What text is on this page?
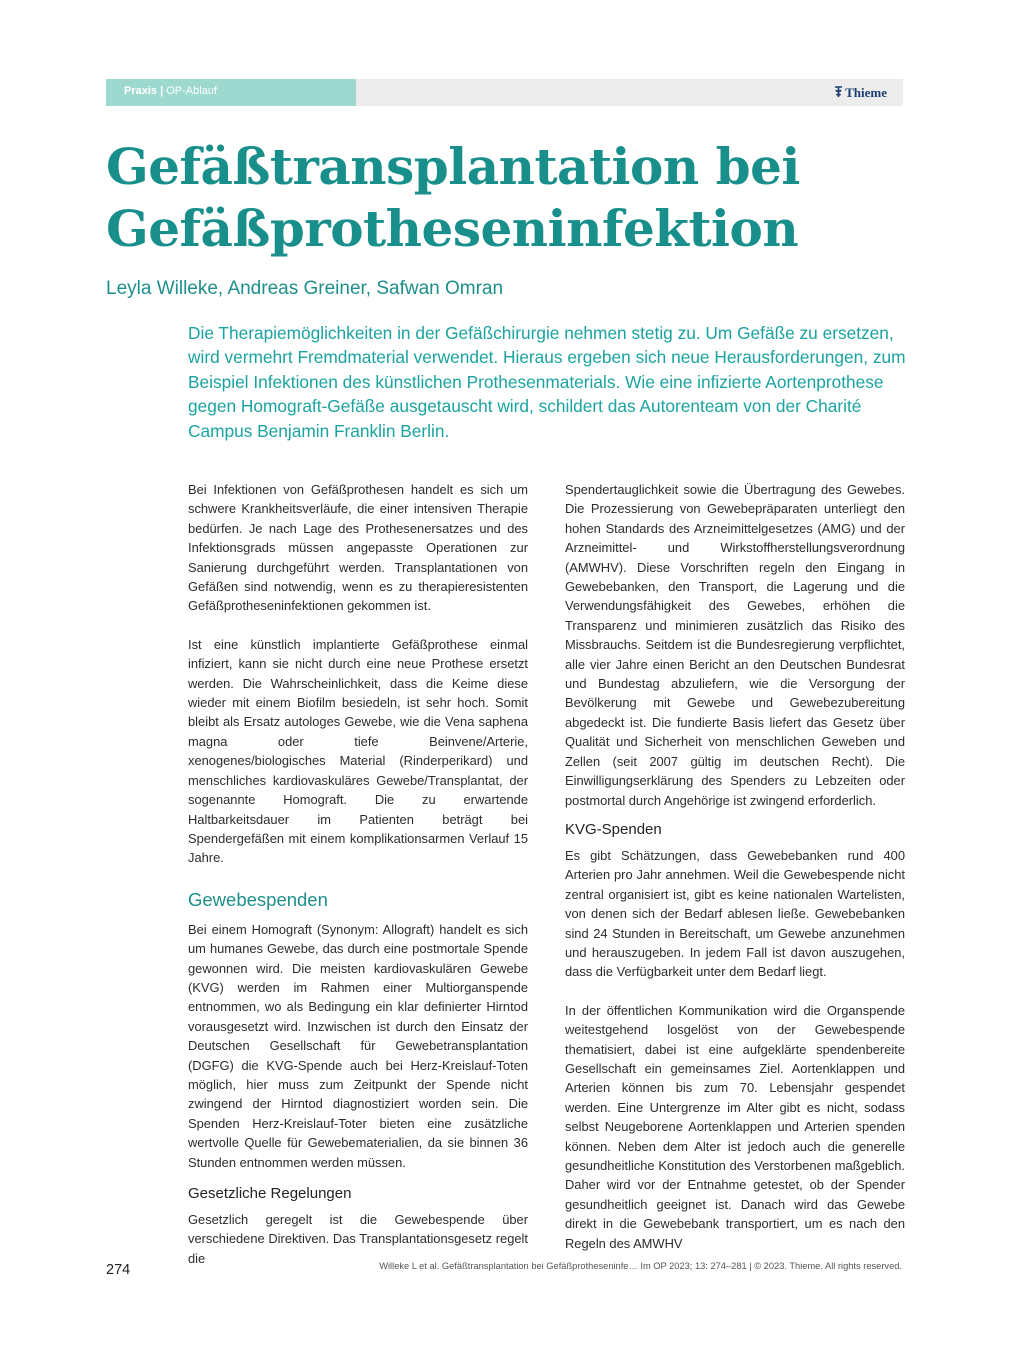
Praxis | OP-Ablauf	Thieme
Gefäßtransplantation bei
Gefäßprotheseninfektion
Leyla Willeke, Andreas Greiner, Safwan Omran

Die Therapiemöglichkeiten in der Gefäßchirurgie nehmen stetig zu. Um Gefäße zu ersetzen, wird vermehrt Fremdmaterial verwendet. Hieraus ergeben sich neue Herausforderungen, zum Beispiel Infektionen des künstlichen Prothesenmaterials. Wie eine infizierte Aortenprothese gegen Homograft-Gefäße ausgetauscht wird, schildert das Autorenteam von der Charité Campus Benjamin Franklin Berlin.

Bei Infektionen von Gefäßprothesen handelt es sich um schwere Krankheitsverläufe, die einer intensiven Therapie bedürfen. Je nach Lage des Prothesenersatzes und des Infektionsgrads müssen angepasste Operationen zur Sanierung durchgeführt werden. Transplantationen von Gefäßen sind notwendig, wenn es zu therapieresistenten Gefäßprotheseninfektionen gekommen ist.

Ist eine künstlich implantierte Gefäßprothese einmal infiziert, kann sie nicht durch eine neue Prothese ersetzt werden. Die Wahrscheinlichkeit, dass die Keime diese wieder mit einem Biofilm besiedeln, ist sehr hoch. Somit bleibt als Ersatz autologes Gewebe, wie die Vena saphena magna oder tiefe Beinvene/Arterie, xenogenes/biologisches Material (Rinderperikard) und menschliches kardiovaskuläres Gewebe/Transplantat, der sogenannte Homograft. Die zu erwartende Haltbarkeitsdauer im Patienten beträgt bei Spendergefäßen mit einem komplikationsarmen Verlauf 15 Jahre.

Gewebespenden

Bei einem Homograft (Synonym: Allograft) handelt es sich um humanes Gewebe, das durch eine postmortale Spende gewonnen wird. Die meisten kardiovaskulären Gewebe (KVG) werden im Rahmen einer Multiorganspende entnommen, wo als Bedingung ein klar definierter Hirntod vorausgesetzt wird. Inzwischen ist durch den Einsatz der Deutschen Gesellschaft für Gewebetransplantation (DGFG) die KVG-Spende auch bei Herz-Kreislauf-Toten möglich, hier muss zum Zeitpunkt der Spende nicht zwingend der Hirntod diagnostiziert worden sein. Die Spenden Herz-Kreislauf-Toter bieten eine zusätzliche wertvolle Quelle für Gewebematerialien, da sie binnen 36 Stunden entnommen werden müssen.

Gesetzliche Regelungen

Gesetzlich geregelt ist die Gewebespende über verschiedene Direktiven. Das Transplantationsgesetz regelt die

Spendertauglichkeit sowie die Übertragung des Gewebes. Die Prozessierung von Gewebepräparaten unterliegt den hohen Standards des Arzneimittelgesetzes (AMG) und der Arzneimittel- und Wirkstoffherstellungsverordnung (AMWHV). Diese Vorschriften regeln den Eingang in Gewebebanken, den Transport, die Lagerung und die Verwendungsfähigkeit des Gewebes, erhöhen die Transparenz und minimieren zusätzlich das Risiko des Missbrauchs. Seitdem ist die Bundesregierung verpflichtet, alle vier Jahre einen Bericht an den Deutschen Bundesrat und Bundestag abzuliefern, wie die Versorgung der Bevölkerung mit Gewebe und Gewebezubereitung abgedeckt ist. Die fundierte Basis liefert das Gesetz über Qualität und Sicherheit von menschlichen Geweben und Zellen (seit 2007 gültig im deutschen Recht). Die Einwilligungserklärung des Spenders zu Lebzeiten oder postmortal durch Angehörige ist zwingend erforderlich.

KVG-Spenden

Es gibt Schätzungen, dass Gewebebanken rund 400 Arterien pro Jahr annehmen. Weil die Gewebespende nicht zentral organisiert ist, gibt es keine nationalen Wartelisten, von denen sich der Bedarf ablesen ließe. Gewebebanken sind 24 Stunden in Bereitschaft, um Gewebe anzunehmen und herauszugeben. In jedem Fall ist davon auszugehen, dass die Verfügbarkeit unter dem Bedarf liegt.

In der öffentlichen Kommunikation wird die Organspende weitestgehend losgelöst von der Gewebespende thematisiert, dabei ist eine aufgeklärte spendenbereite Gesellschaft ein gemeinsames Ziel. Aortenklappen und Arterien können bis zum 70. Lebensjahr gespendet werden. Eine Untergrenze im Alter gibt es nicht, sodass selbst Neugeborene Aortenklappen und Arterien spenden können. Neben dem Alter ist jedoch auch die generelle gesundheitliche Konstitution des Verstorbenen maßgeblich. Daher wird vor der Entnahme getestet, ob der Spender gesundheitlich geeignet ist. Danach wird das Gewebe direkt in die Gewebebank transportiert, um es nach den Regeln des AMWHV

274	Willeke L et al. Gefäßtransplantation bei Gefäßprotheseninfe… Im OP 2023; 13: 274–281 | © 2023. Thieme. All rights reserved.
